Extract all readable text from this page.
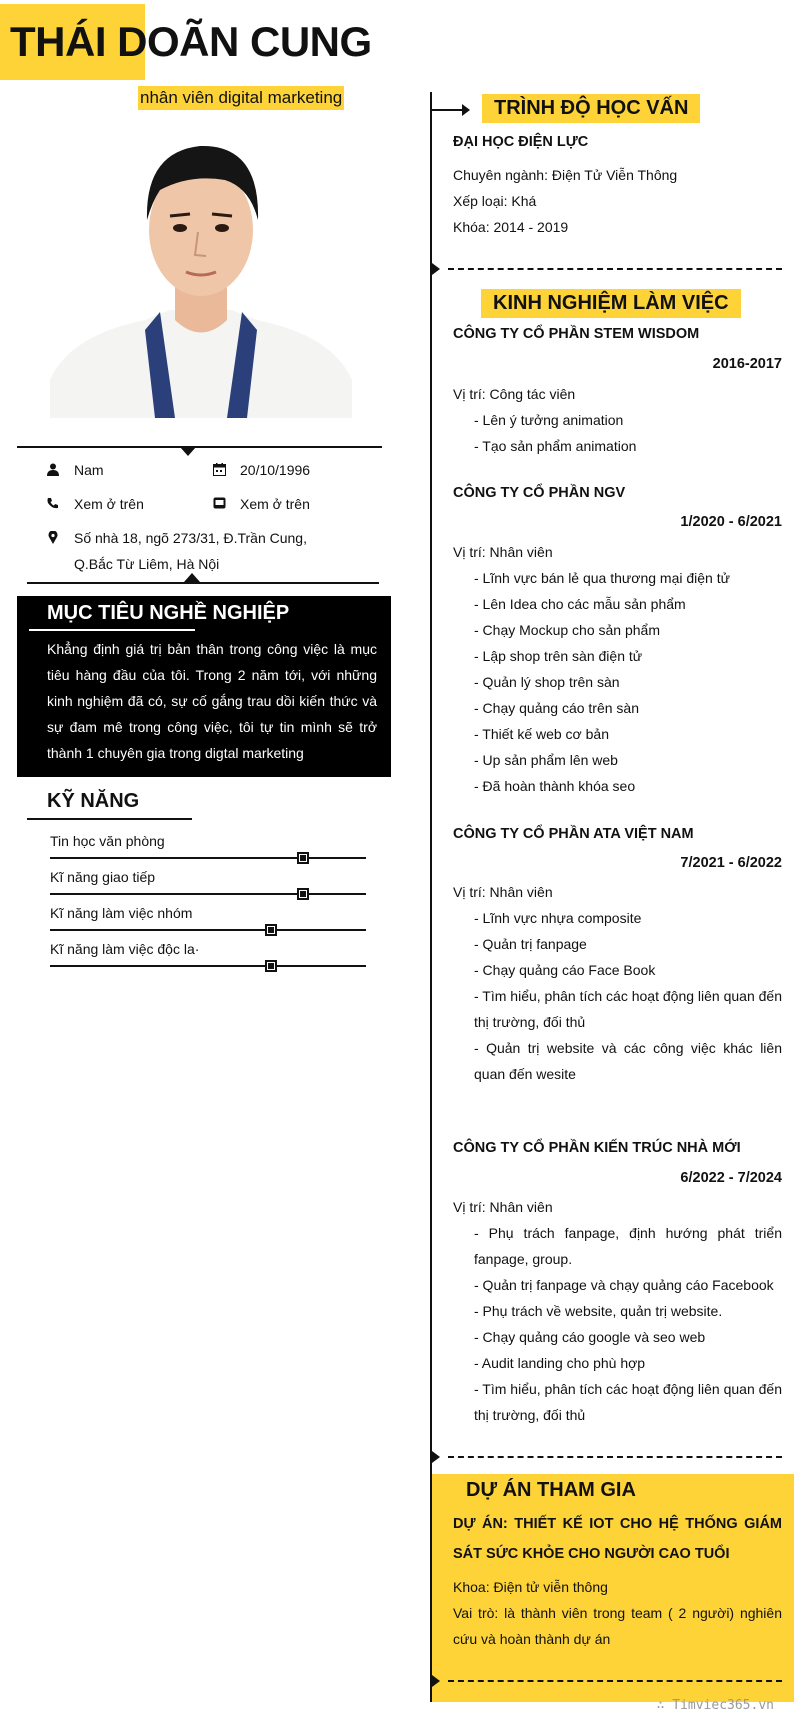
THÁI DOÃN CUNG
nhân viên digital marketing
Nam	20/10/1996
Xem ở trên	Xem ở trên
Số nhà 18, ngõ 273/31, Đ.Trần Cung,
Q.Bắc Từ Liêm, Hà Nội
MỤC TIÊU NGHỀ NGHIỆP
Khẳng định giá trị bản thân trong công việc là mục tiêu hàng đầu của tôi. Trong 2 năm tới, với những kinh nghiệm đã có, sự cố gắng trau dồi kiến thức và sự đam mê trong công việc, tôi tự tin mình sẽ trở thành 1 chuyên gia trong digtal marketing
KỸ NĂNG
Tin học văn phòng
Kĩ năng giao tiếp
Kĩ năng làm việc nhóm
Kĩ năng làm việc độc la·
TRÌNH ĐỘ HỌC VẤN
ĐẠI HỌC ĐIỆN LỰC
Chuyên ngành: Điện Tử Viễn Thông
Xếp loại: Khá
Khóa: 2014 - 2019
KINH NGHIỆM LÀM VIỆC
CÔNG TY CỔ PHẦN STEM WISDOM
2016-2017
Vị trí: Công tác viên
- Lên ý tưởng animation
- Tạo sản phẩm animation
CÔNG TY CỔ PHẦN NGV
1/2020 - 6/2021
Vị trí: Nhân viên
- Lĩnh vực bán lẻ qua thương mại điện tử
- Lên Idea cho các mẫu sản phẩm
- Chạy Mockup cho sản phẩm
- Lập shop trên sàn điện tử
- Quản lý shop trên sàn
- Chạy quảng cáo trên sàn
- Thiết kế web cơ bản
- Up sản phẩm lên web
- Đã hoàn thành khóa seo
CÔNG TY CỔ PHẦN ATA VIỆT NAM
7/2021 - 6/2022
Vị trí: Nhân viên
- Lĩnh vực nhựa composite
- Quản trị fanpage
- Chạy quảng cáo Face Book
- Tìm hiểu, phân tích các hoạt động liên quan đến thị trường, đối thủ
- Quản trị website và các công việc khác liên quan đến wesite
CÔNG TY CỔ PHẦN KIẾN TRÚC NHÀ MỚI
6/2022 - 7/2024
Vị trí: Nhân viên
- Phụ trách fanpage, định hướng phát triển fanpage, group.
- Quản trị fanpage và chạy quảng cáo Facebook
- Phụ trách về website, quản trị website.
- Chạy quảng cáo google và seo web
- Audit landing cho phù hợp
- Tìm hiểu, phân tích các hoạt động liên quan đến thị trường, đối thủ
DỰ ÁN THAM GIA
DỰ ÁN: THIẾT KẾ IOT CHO HỆ THỐNG GIÁM SÁT SỨC KHỎE CHO NGƯỜI CAO TUỔI
Khoa: Điện tử viễn thông
Vai trò: là thành viên trong team ( 2 người) nghiên cứu và hoàn thành dự án
∴ Timviec365.vn
